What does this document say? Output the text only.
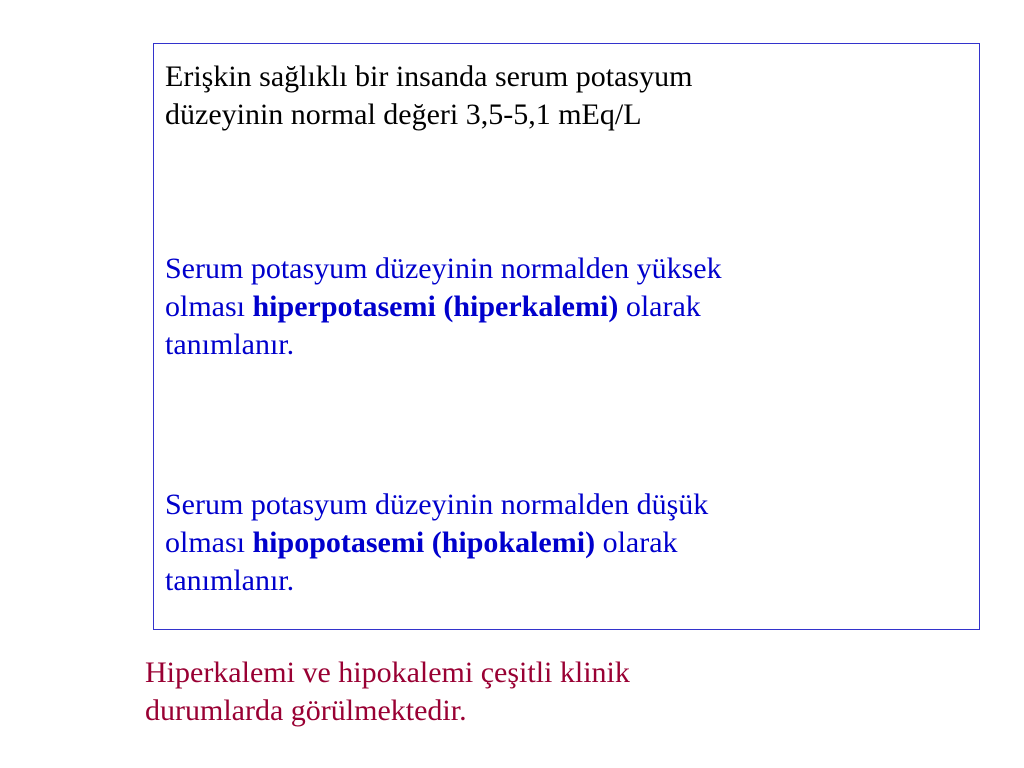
Erişkin sağlıklı bir insanda serum potasyum
düzeyinin normal değeri 3,5-5,1 mEq/L

Serum potasyum düzeyinin normalden yüksek
olması hiperpotasemi (hiperkalemi) olarak
tanımlanır.

Serum potasyum düzeyinin normalden düşük
olması hipopotasemi (hipokalemi) olarak
tanımlanır.

Hiperkalemi ve hipokalemi çeşitli klinik
durumlarda görülmektedir.
